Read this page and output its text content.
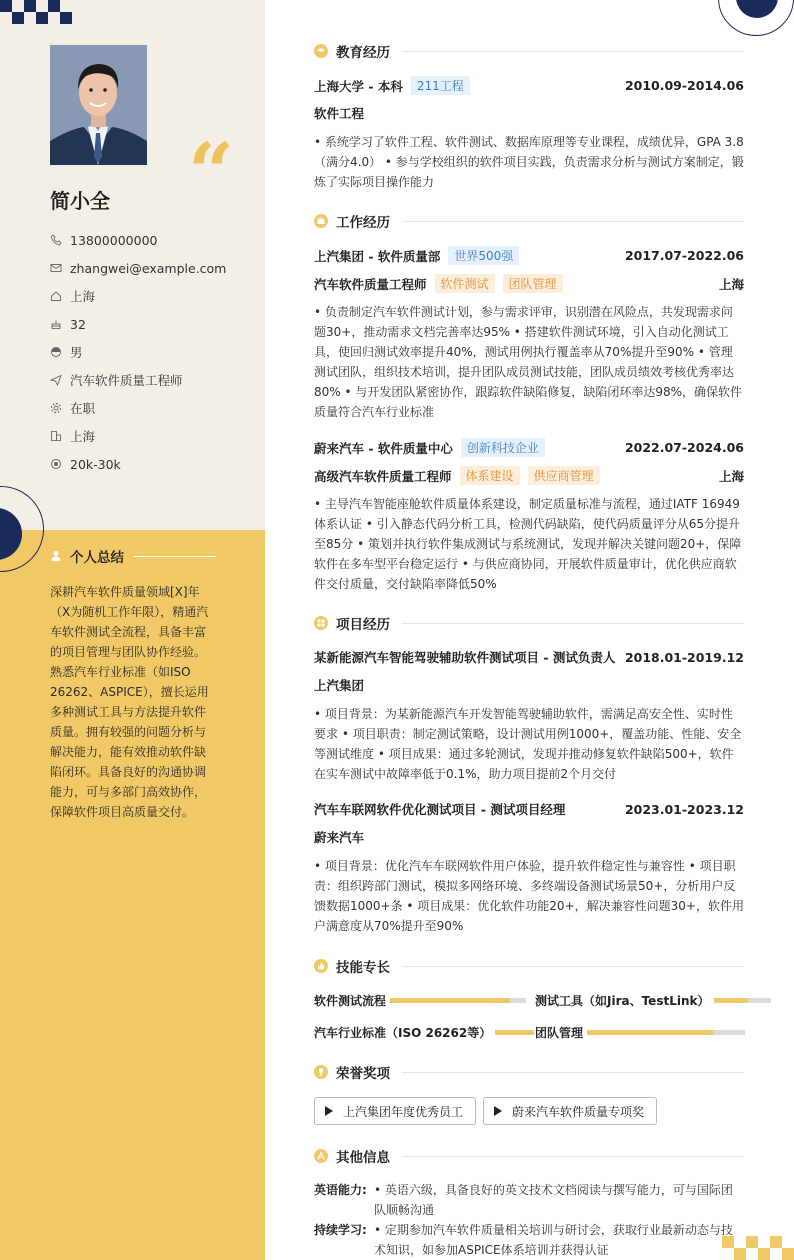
“
简小全
13800000000
zhangwei@example.com
上海
32
男
汽车软件质量工程师
在职
上海
20k-30k
个人总结
深耕汽车软件质量领域[X]年（X为随机工作年限），精通汽车软件测试全流程，具备丰富的项目管理与团队协作经验。熟悉汽车行业标准（如ISO 26262、ASPICE），擅长运用多种测试工具与方法提升软件质量。拥有较强的问题分析与解决能力，能有效推动软件缺陷闭环。具备良好的沟通协调能力，可与多部门高效协作，保障软件项目高质量交付。
教育经历
上海大学 - 本科	211工程	2010.09-2014.06
软件工程
• 系统学习了软件工程、软件测试、数据库原理等专业课程，成绩优异，GPA 3.8（满分4.0） • 参与学校组织的软件项目实践，负责需求分析与测试方案制定，锻炼了实际项目操作能力
工作经历
上汽集团 - 软件质量部	世界500强	2017.07-2022.06
汽车软件质量工程师	软件测试	团队管理	上海
• 负责制定汽车软件测试计划，参与需求评审，识别潜在风险点，共发现需求问题30+，推动需求文档完善率达95% • 搭建软件测试环境，引入自动化测试工具，使回归测试效率提升40%，测试用例执行覆盖率从70%提升至90% • 管理测试团队，组织技术培训，提升团队成员测试技能，团队成员绩效考核优秀率达80% • 与开发团队紧密协作，跟踪软件缺陷修复，缺陷闭环率达98%，确保软件质量符合汽车行业标准
蔚来汽车 - 软件质量中心	创新科技企业	2022.07-2024.06
高级汽车软件质量工程师	体系建设	供应商管理	上海
• 主导汽车智能座舱软件质量体系建设，制定质量标准与流程，通过IATF 16949体系认证 • 引入静态代码分析工具，检测代码缺陷，使代码质量评分从65分提升至85分 • 策划并执行软件集成测试与系统测试，发现并解决关键问题20+，保障软件在多车型平台稳定运行 • 与供应商协同，开展软件质量审计，优化供应商软件交付质量，交付缺陷率降低50%
项目经历
某新能源汽车智能驾驶辅助软件测试项目 - 测试负责人 2018.01-2019.12
上汽集团
• 项目背景：为某新能源汽车开发智能驾驶辅助软件，需满足高安全性、实时性要求 • 项目职责：制定测试策略，设计测试用例1000+，覆盖功能、性能、安全等测试维度 • 项目成果：通过多轮测试，发现并推动修复软件缺陷500+，软件在实车测试中故障率低于0.1%，助力项目提前2个月交付
汽车车联网软件优化测试项目 - 测试项目经理	2023.01-2023.12
蔚来汽车
• 项目背景：优化汽车车联网软件用户体验，提升软件稳定性与兼容性 • 项目职责：组织跨部门测试，模拟多网络环境、多终端设备测试场景50+，分析用户反馈数据1000+条 • 项目成果：优化软件功能20+，解决兼容性问题30+，软件用户满意度从70%提升至90%
技能专长
软件测试流程	测试工具（如Jira、TestLink）
汽车行业标准（ISO 26262等）	团队管理
荣誉奖项
上汽集团年度优秀员工	蔚来汽车软件质量专项奖
其他信息
英语能力: • 英语六级，具备良好的英文技术文档阅读与撰写能力，可与国际团队顺畅沟通
持续学习: • 定期参加汽车软件质量相关培训与研讨会，获取行业最新动态与技术知识，如参加ASPICE体系培训并获得认证
